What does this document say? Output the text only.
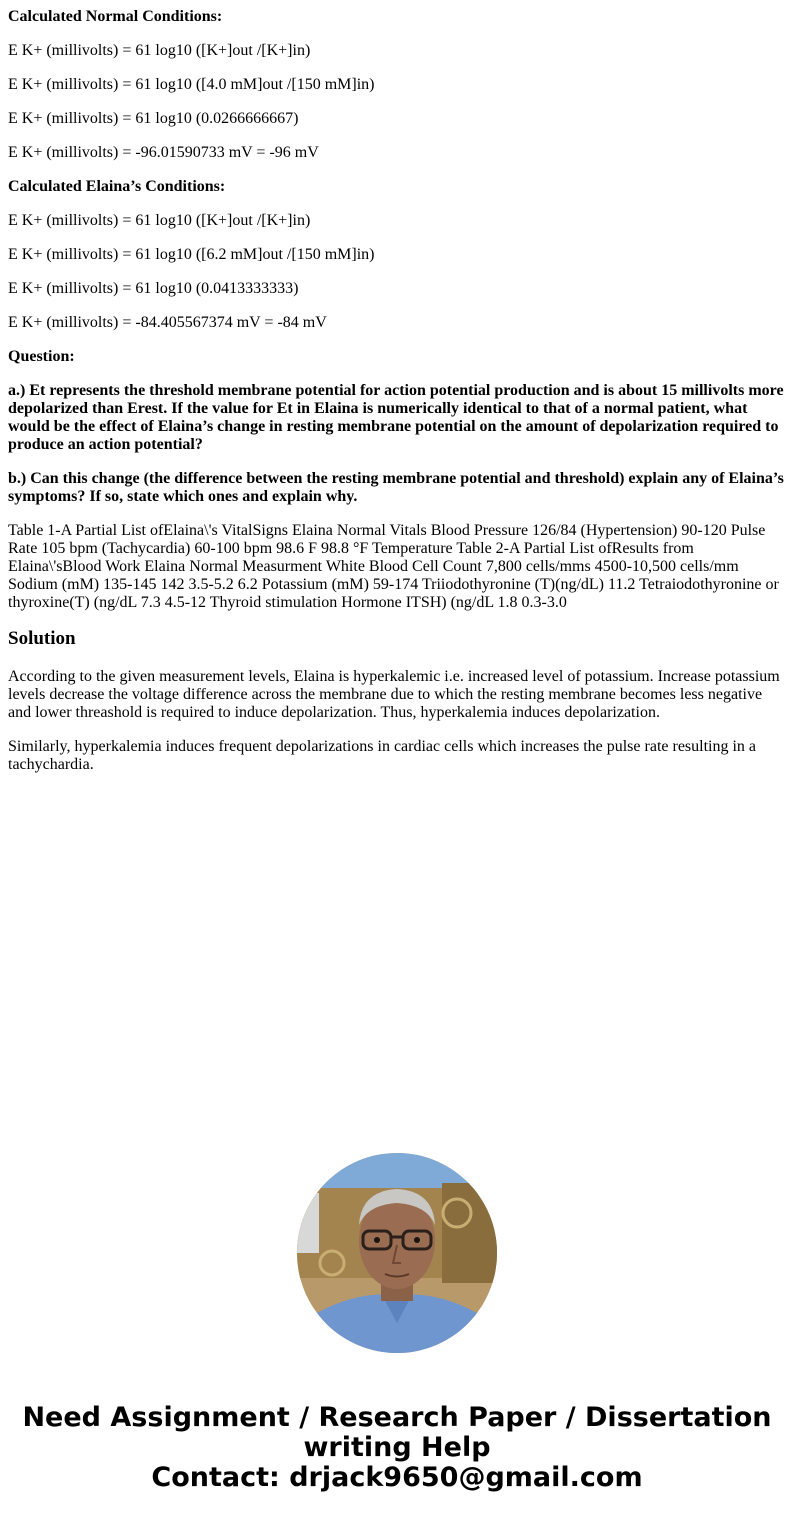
Calculated Normal Conditions:
E K+ (millivolts) = 61 log10 ([K+]out /[K+]in)
E K+ (millivolts) = 61 log10 ([4.0 mM]out /[150 mM]in)
E K+ (millivolts) = 61 log10 (0.0266666667)
E K+ (millivolts) = -96.01590733 mV = -96 mV
Calculated Elaina’s Conditions:
E K+ (millivolts) = 61 log10 ([K+]out /[K+]in)
E K+ (millivolts) = 61 log10 ([6.2 mM]out /[150 mM]in)
E K+ (millivolts) = 61 log10 (0.0413333333)
E K+ (millivolts) = -84.405567374 mV = -84 mV
Question:
a.) Et represents the threshold membrane potential for action potential production and is about 15 millivolts more depolarized than Erest. If the value for Et in Elaina is numerically identical to that of a normal patient, what would be the effect of Elaina’s change in resting membrane potential on the amount of depolarization required to produce an action potential?
b.) Can this change (the difference between the resting membrane potential and threshold) explain any of Elaina’s symptoms? If so, state which ones and explain why.
Table 1-A Partial List ofElaina\'s VitalSigns Elaina Normal Vitals Blood Pressure 126/84 (Hypertension) 90-120 Pulse Rate 105 bpm (Tachycardia) 60-100 bpm 98.6 F 98.8 °F Temperature Table 2-A Partial List ofResults from Elaina\'sBlood Work Elaina Normal Measurment White Blood Cell Count 7,800 cells/mms 4500-10,500 cells/mm Sodium (mM) 135-145 142 3.5-5.2 6.2 Potassium (mM) 59-174 Triiodothyronine (T)(ng/dL) 11.2 Tetraiodothyronine or thyroxine(T) (ng/dL 7.3 4.5-12 Thyroid stimulation Hormone ITSH) (ng/dL 1.8 0.3-3.0
Solution
According to the given measurement levels, Elaina is hyperkalemic i.e. increased level of potassium. Increase potassium levels decrease the voltage difference across the membrane due to which the resting membrane becomes less negative and lower threashold is required to induce depolarization. Thus, hyperkalemia induces depolarization.
Similarly, hyperkalemia induces frequent depolarizations in cardiac cells which increases the pulse rate resulting in a tachychardia.
Need Assignment / Research Paper / Dissertation
writing Help
Contact: drjack9650@gmail.com
